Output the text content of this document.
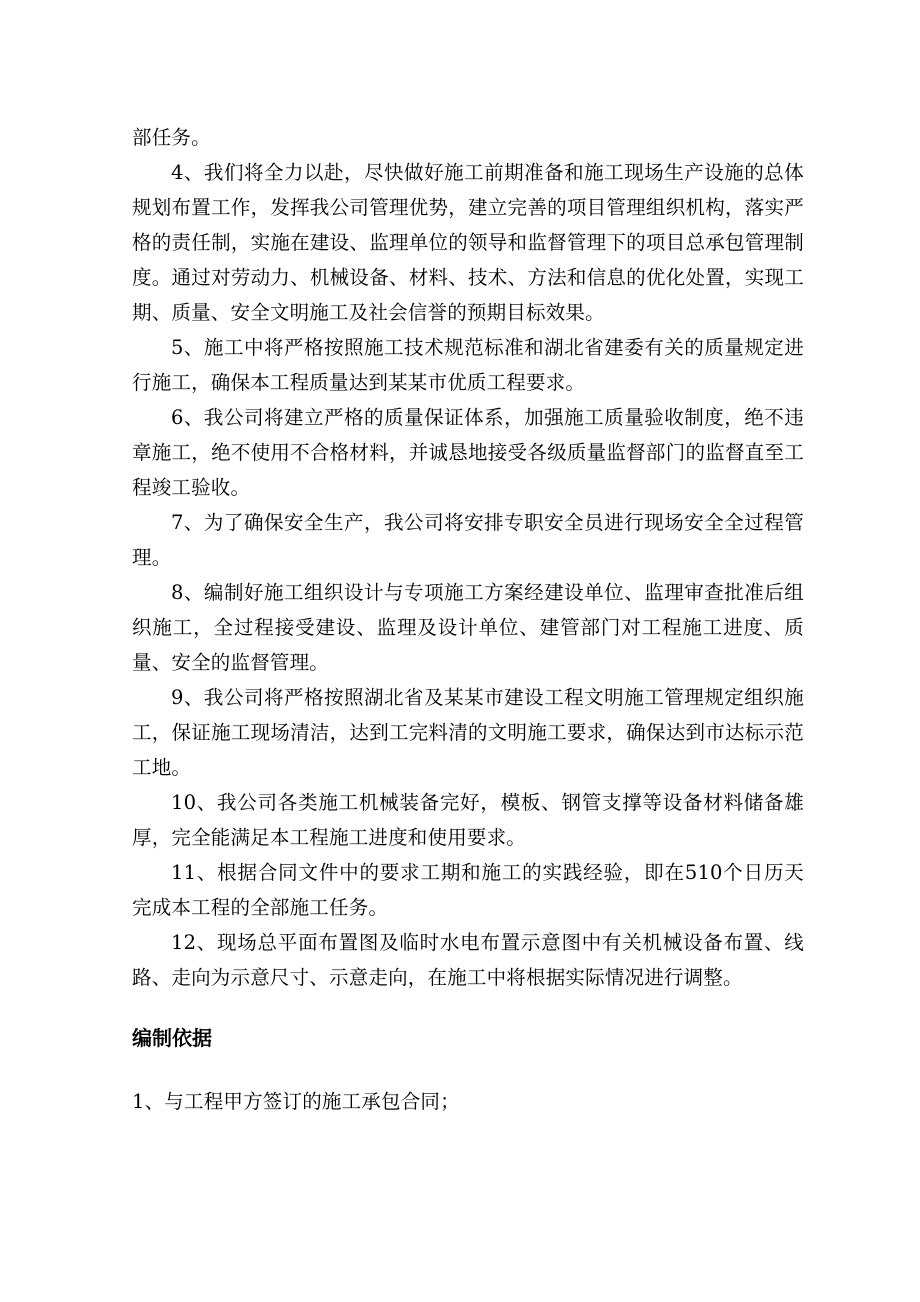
部任务。

4、我们将全力以赴，尽快做好施工前期准备和施工现场生产设施的总体规划布置工作，发挥我公司管理优势，建立完善的项目管理组织机构，落实严格的责任制，实施在建设、监理单位的领导和监督管理下的项目总承包管理制度。通过对劳动力、机械设备、材料、技术、方法和信息的优化处置，实现工期、质量、安全文明施工及社会信誉的预期目标效果。

5、施工中将严格按照施工技术规范标准和湖北省建委有关的质量规定进行施工，确保本工程质量达到某某市优质工程要求。

6、我公司将建立严格的质量保证体系，加强施工质量验收制度，绝不违章施工，绝不使用不合格材料，并诚恳地接受各级质量监督部门的监督直至工程竣工验收。

7、为了确保安全生产，我公司将安排专职安全员进行现场安全全过程管理。

8、编制好施工组织设计与专项施工方案经建设单位、监理审查批准后组织施工，全过程接受建设、监理及设计单位、建管部门对工程施工进度、质量、安全的监督管理。

9、我公司将严格按照湖北省及某某市建设工程文明施工管理规定组织施工，保证施工现场清洁，达到工完料清的文明施工要求，确保达到市达标示范工地。

10、我公司各类施工机械装备完好，模板、钢管支撑等设备材料储备雄厚，完全能满足本工程施工进度和使用要求。

11、根据合同文件中的要求工期和施工的实践经验，即在510个日历天完成本工程的全部施工任务。

12、现场总平面布置图及临时水电布置示意图中有关机械设备布置、线路、走向为示意尺寸、示意走向，在施工中将根据实际情况进行调整。

编制依据

1、与工程甲方签订的施工承包合同；
